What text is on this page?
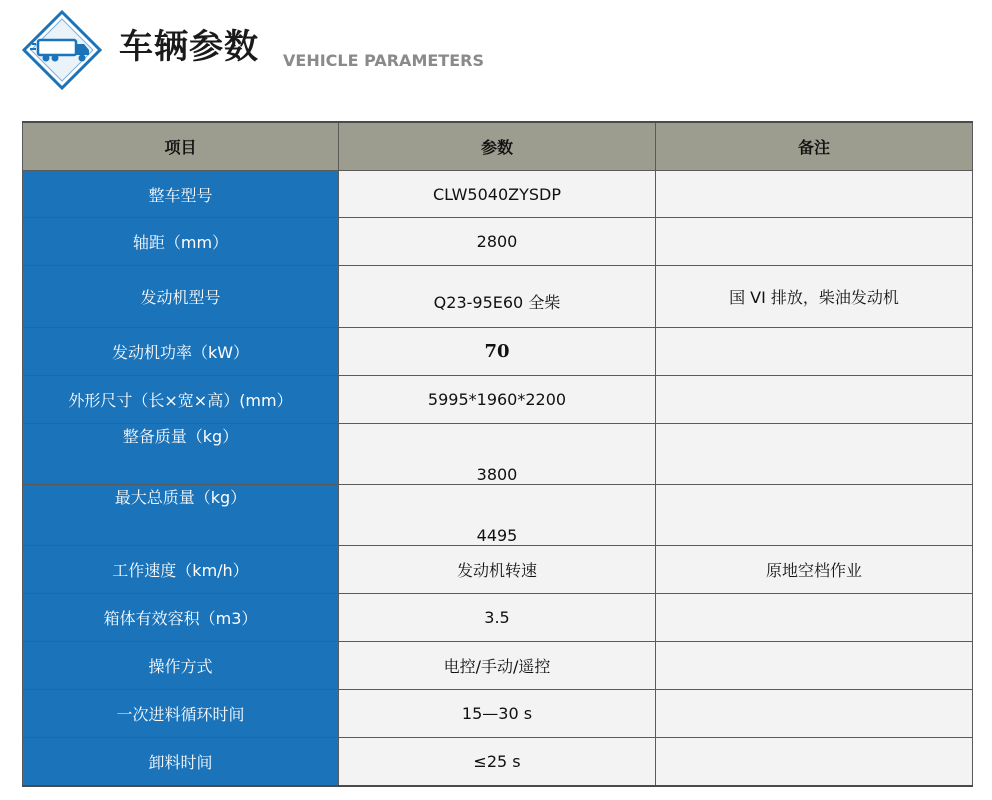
车辆参数 VEHICLE PARAMETERS
项目	参数	备注
整车型号	CLW5040ZYSDP	
轴距（mm）	2800	
发动机型号	Q23-95E60 全柴	国 VI 排放，柴油发动机
发动机功率（kW）	70	
外形尺寸（长×宽×高）(mm）	5995*1960*2200	
整备质量（kg）	3800	
最大总质量（kg）	4495	
工作速度（km/h）	发动机转速	原地空档作业
箱体有效容积（m3）	3.5	
操作方式	电控/手动/遥控	
一次进料循环时间	15—30 s	
卸料时间	≤25 s	
